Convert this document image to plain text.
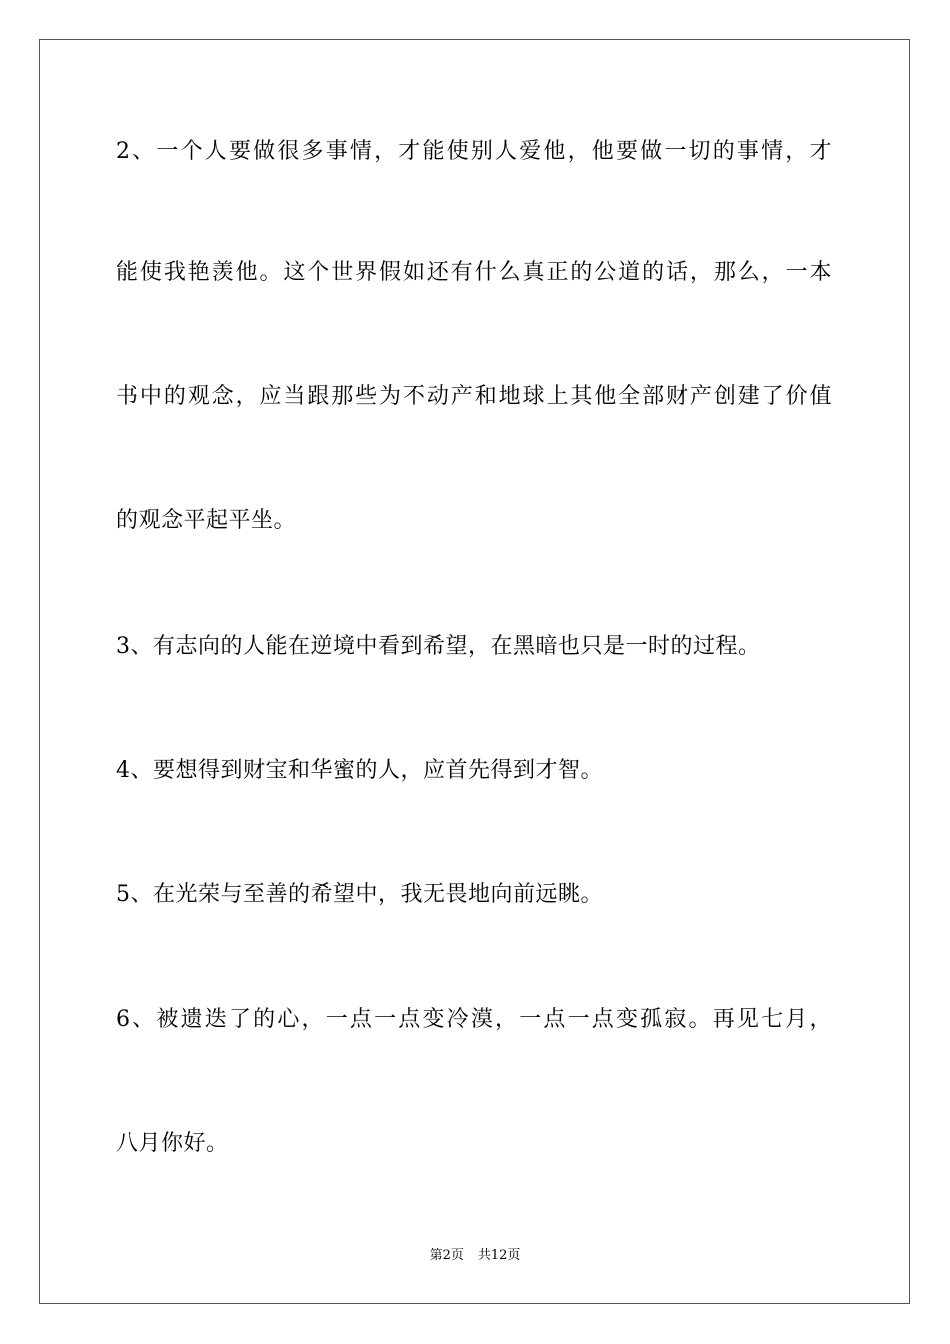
2、一个人要做很多事情，才能使别人爱他，他要做一切的事情，才
能使我艳羡他。这个世界假如还有什么真正的公道的话，那么，一本
书中的观念，应当跟那些为不动产和地球上其他全部财产创建了价值
的观念平起平坐。
3、有志向的人能在逆境中看到希望，在黑暗也只是一时的过程。
4、要想得到财宝和华蜜的人，应首先得到才智。
5、在光荣与至善的希望中，我无畏地向前远眺。
6、被遗迭了的心，一点一点变冷漠，一点一点变孤寂。再见七月，
八月你好。
第2页 共12页
